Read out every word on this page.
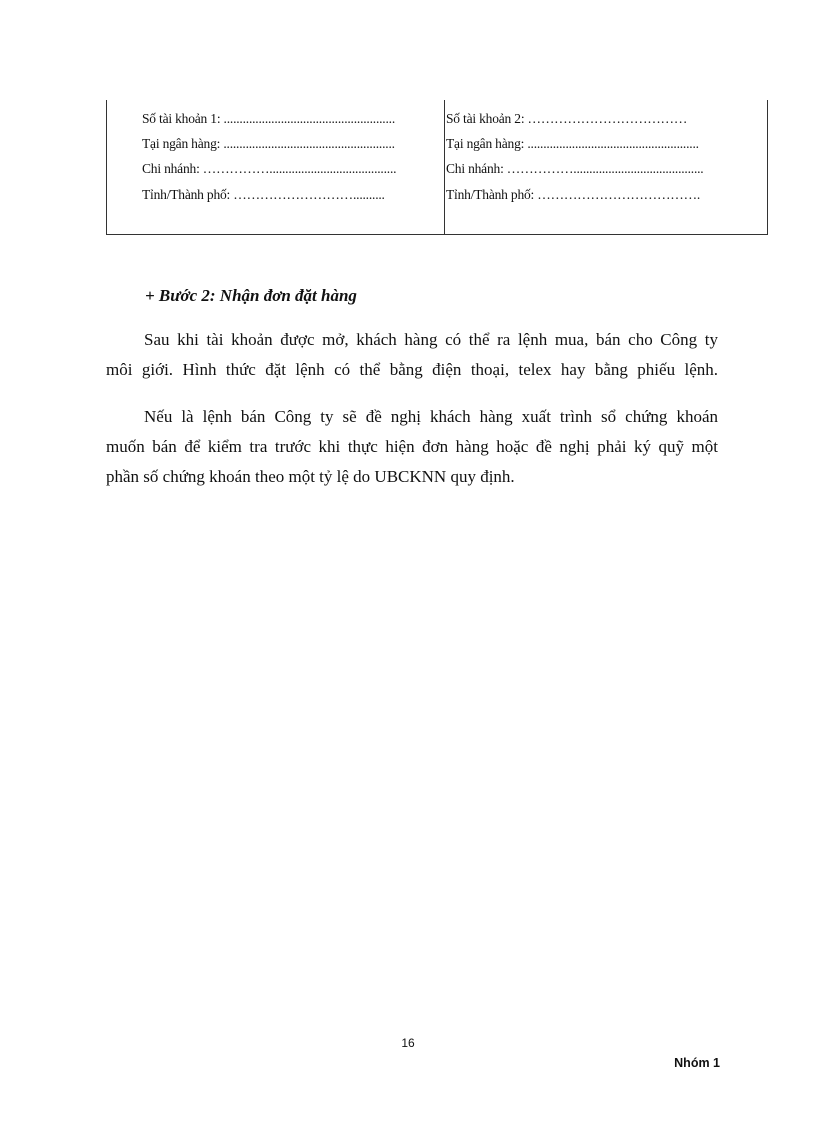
Số tài khoản 1: ......................................................
Tại ngân hàng: ......................................................
Chi nhánh: ……………........................................
Tỉnh/Thành phố: ………………………..........
Số tài khoản 2: ………………………………
Tại ngân hàng: ......................................................
Chi nhánh: …………….........................................
Tỉnh/Thành phố: ……………………………….
+ Bước 2: Nhận đơn đặt hàng
Sau khi tài khoản được mở, khách hàng có thể ra lệnh mua, bán cho Công ty
môi giới. Hình thức đặt lệnh có thể bằng điện thoại, telex hay bằng phiếu lệnh.
Nếu là lệnh bán Công ty sẽ đề nghị khách hàng xuất trình sổ chứng khoán
muốn bán để kiểm tra trước khi thực hiện đơn hàng hoặc đề nghị phải ký quỹ một
phần số chứng khoán theo một tỷ lệ do UBCKNN quy định.
16
Nhóm 1
